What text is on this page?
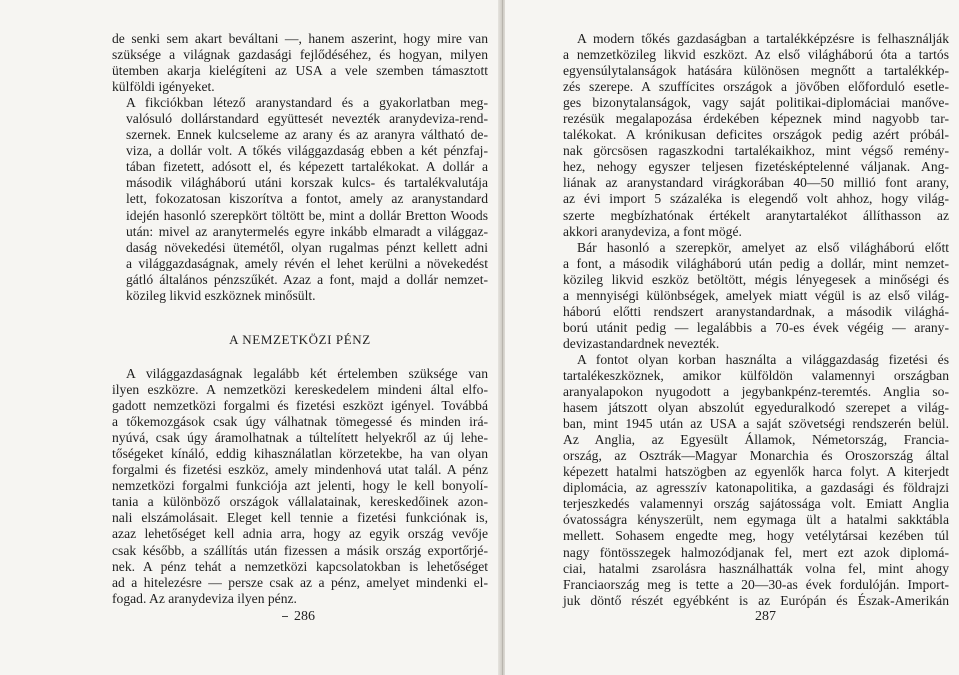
de senki sem akart beváltani —, hanem aszerint, hogy mire van
szüksége a világnak gazdasági fejlődéséhez, és hogyan, milyen
ütemben akarja kielégíteni az USA a vele szemben támasztott
külföldi igényeket.

A fikciókban létező aranystandard és a gyakorlatban meg-
valósuló dollárstandard együttesét nevezték aranydeviza-rend-
szernek. Ennek kulcseleme az arany és az aranyra váltható de-
viza, a dollár volt. A tőkés világgazdaság ebben a két pénzfaj-
tában fizetett, adósott el, és képezett tartalékokat. A dollár a
második világháború utáni korszak kulcs- és tartalékvalutája
lett, fokozatosan kiszorítva a fontot, amely az aranystandard
idején hasonló szerepkört töltött be, mint a dollár Bretton Woods
után: mivel az aranytermelés egyre inkább elmaradt a világgaz-
daság növekedési ütemétől, olyan rugalmas pénzt kellett adni
a világgazdaságnak, amely révén el lehet kerülni a növekedést
gátló általános pénzszűkét. Azaz a font, majd a dollár nemzet-
közileg likvid eszköznek minősült.

A NEMZETKÖZI PÉNZ

A világgazdaságnak legalább két értelemben szüksége van
ilyen eszközre. A nemzetközi kereskedelem mindeni által elfo-
gadott nemzetközi forgalmi és fizetési eszközt igényel. Továbbá
a tőkemozgások csak úgy válhatnak tömegessé és minden irá-
nyúvá, csak úgy áramolhatnak a túltelített helyekről az új lehe-
tőségeket kínáló, eddig kihasználatlan körzetekbe, ha van olyan
forgalmi és fizetési eszköz, amely mindenhová utat talál. A pénz
nemzetközi forgalmi funkciója azt jelenti, hogy le kell bonyolí-
tania a különböző országok vállalatainak, kereskedőinek azon-
nali elszámolásait. Eleget kell tennie a fizetési funkciónak is,
azaz lehetőséget kell adnia arra, hogy az egyik ország vevője
csak később, a szállítás után fizessen a másik ország exportőrjé-
nek. A pénz tehát a nemzetközi kapcsolatokban is lehetőséget
ad a hitelezésre — persze csak az a pénz, amelyet mindenki el-
fogad. Az aranydeviza ilyen pénz.

286

A modern tőkés gazdaságban a tartalékképzésre is felhasználják
a nemzetközileg likvid eszközt. Az első világháború óta a tartós
egyensúlytalanságok hatására különösen megnőtt a tartalékkép-
zés szerepe. A szuffícites országok a jövőben előforduló esetle-
ges bizonytalanságok, vagy saját politikai-diplomáciai manőve-
rezésük megalapozása érdekében képeznek mind nagyobb tar-
talékokat. A krónikusan deficites országok pedig azért próbál-
nak görcsösen ragaszkodni tartalékaikhoz, mint végső remény-
hez, nehogy egyszer teljesen fizetésképtelenné váljanak. Ang-
liának az aranystandard virágkorában 40—50 millió font arany,
az évi import 5 százaléka is elegendő volt ahhoz, hogy világ-
szerte megbízhatónak értékelt aranytartalékot állíthasson az
akkori aranydeviza, a font mögé.

Bár hasonló a szerepkör, amelyet az első világháború előtt
a font, a második világháború után pedig a dollár, mint nemzet-
közileg likvid eszköz betöltött, mégis lényegesek a minőségi és
a mennyiségi különbségek, amelyek miatt végül is az első világ-
háború előtti rendszert aranystandardnak, a második világhá-
ború utánit pedig — legalábbis a 70-es évek végéig — arany-
devizastandardnek nevezték.

A fontot olyan korban használta a világgazdaság fizetési és
tartalékeszköznek, amikor külföldön valamennyi országban
aranyalapokon nyugodott a jegybankpénz-teremtés. Anglia so-
hasem játszott olyan abszolút egyeduralkodó szerepet a világ-
ban, mint 1945 után az USA a saját szövetségi rendszerén belül.
Az Anglia, az Egyesült Államok, Németország, Francia-
ország, az Osztrák—Magyar Monarchia és Oroszország által
képezett hatalmi hatszögben az egyenlők harca folyt. A kiterjedt
diplomácia, az agresszív katonapolitika, a gazdasági és földrajzi
terjeszkedés valamennyi ország sajátossága volt. Emiatt Anglia
óvatosságra kényszerült, nem egymaga ült a hatalmi sakktábla
mellett. Sohasem engedte meg, hogy vetélytársai kezében túl
nagy föntösszegek halmozódjanak fel, mert ezt azok diplomá-
ciai, hatalmi zsarolásra használhatták volna fel, mint ahogy
Franciaország meg is tette a 20—30-as évek fordulóján. Import-
juk döntő részét egyébként is az Európán és Észak-Amerikán

287
